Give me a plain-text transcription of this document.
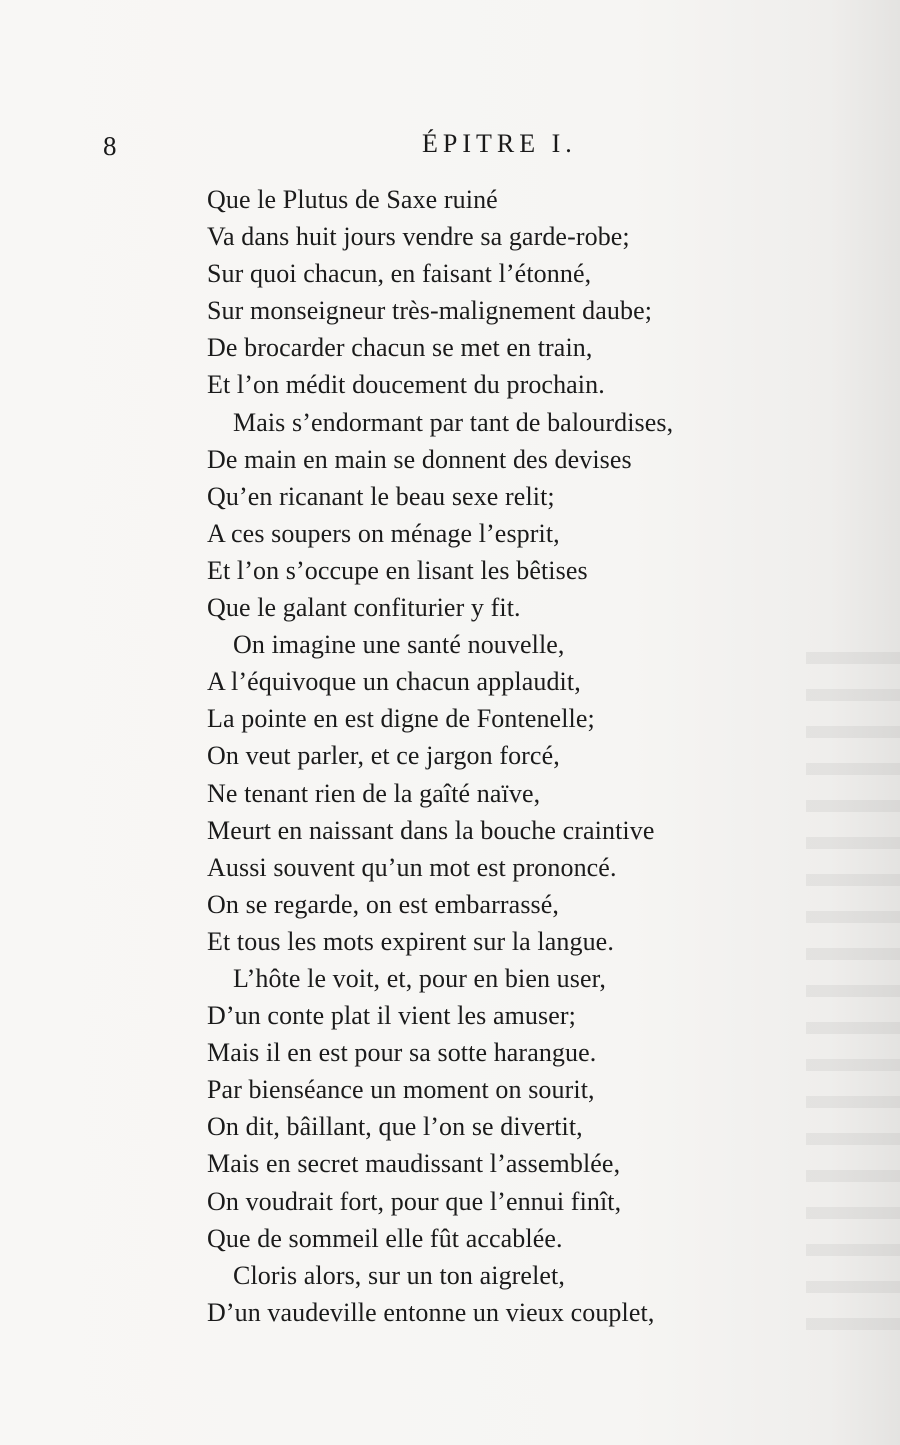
8	ÉPITRE I.
Que le Plutus de Saxe ruiné
Va dans huit jours vendre sa garde-robe;
Sur quoi chacun, en faisant l’étonné,
Sur monseigneur très-malignement daube;
De brocarder chacun se met en train,
Et l’on médit doucement du prochain.
Mais s’endormant par tant de balourdises,
De main en main se donnent des devises
Qu’en ricanant le beau sexe relit;
A ces soupers on ménage l’esprit,
Et l’on s’occupe en lisant les bêtises
Que le galant confiturier y fit.
On imagine une santé nouvelle,
A l’équivoque un chacun applaudit,
La pointe en est digne de Fontenelle;
On veut parler, et ce jargon forcé,
Ne tenant rien de la gaîté naïve,
Meurt en naissant dans la bouche craintive
Aussi souvent qu’un mot est prononcé.
On se regarde, on est embarrassé,
Et tous les mots expirent sur la langue.
L’hôte le voit, et, pour en bien user,
D’un conte plat il vient les amuser;
Mais il en est pour sa sotte harangue.
Par bienséance un moment on sourit,
On dit, bâillant, que l’on se divertit,
Mais en secret maudissant l’assemblée,
On voudrait fort, pour que l’ennui finît,
Que de sommeil elle fût accablée.
Cloris alors, sur un ton aigrelet,
D’un vaudeville entonne un vieux couplet,
